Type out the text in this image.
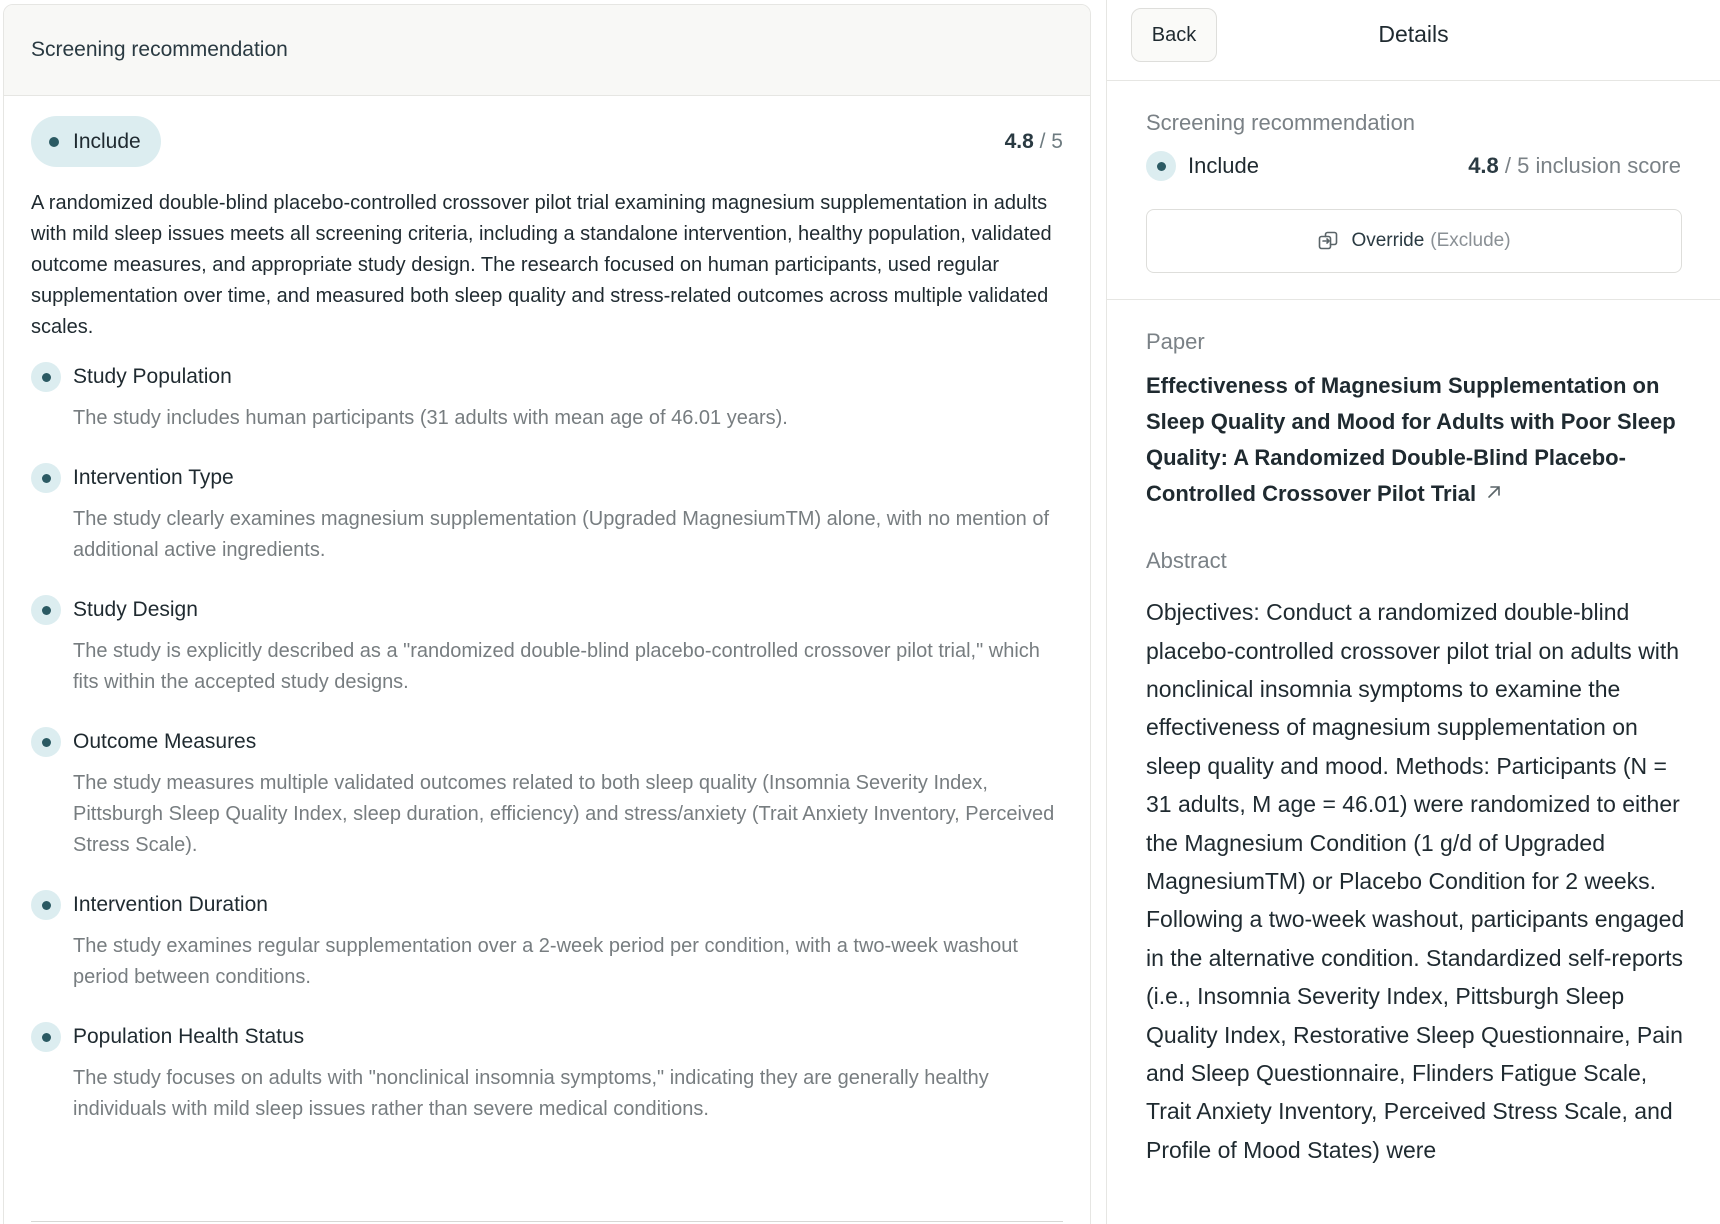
Screening recommendation
Include	4.8 / 5

A randomized double-blind placebo-controlled crossover pilot trial examining magnesium supplementation in adults with mild sleep issues meets all screening criteria, including a standalone intervention, healthy population, validated outcome measures, and appropriate study design. The research focused on human participants, used regular supplementation over time, and measured both sleep quality and stress-related outcomes across multiple validated scales.

Study Population
The study includes human participants (31 adults with mean age of 46.01 years).
Intervention Type
The study clearly examines magnesium supplementation (Upgraded MagnesiumTM) alone, with no mention of additional active ingredients.
Study Design
The study is explicitly described as a "randomized double-blind placebo-controlled crossover pilot trial," which fits within the accepted study designs.
Outcome Measures
The study measures multiple validated outcomes related to both sleep quality (Insomnia Severity Index, Pittsburgh Sleep Quality Index, sleep duration, efficiency) and stress/anxiety (Trait Anxiety Inventory, Perceived Stress Scale).
Intervention Duration
The study examines regular supplementation over a 2-week period per condition, with a two-week washout period between conditions.
Population Health Status
The study focuses on adults with "nonclinical insomnia symptoms," indicating they are generally healthy individuals with mild sleep issues rather than severe medical conditions.
Back	Details
Screening recommendation
Include	4.8 / 5 inclusion score
Override (Exclude)
Paper
Effectiveness of Magnesium Supplementation on Sleep Quality and Mood for Adults with Poor Sleep Quality: A Randomized Double-Blind Placebo-Controlled Crossover Pilot Trial
Abstract

Objectives: Conduct a randomized double-blind placebo-controlled crossover pilot trial on adults with nonclinical insomnia symptoms to examine the effectiveness of magnesium supplementation on sleep quality and mood. Methods: Participants (N = 31 adults, M age = 46.01) were randomized to either the Magnesium Condition (1 g/d of Upgraded MagnesiumTM) or Placebo Condition for 2 weeks. Following a two-week washout, participants engaged in the alternative condition. Standardized self-reports (i.e., Insomnia Severity Index, Pittsburgh Sleep Quality Index, Restorative Sleep Questionnaire, Pain and Sleep Questionnaire, Flinders Fatigue Scale, Trait Anxiety Inventory, Perceived Stress Scale, and Profile of Mood States) were
